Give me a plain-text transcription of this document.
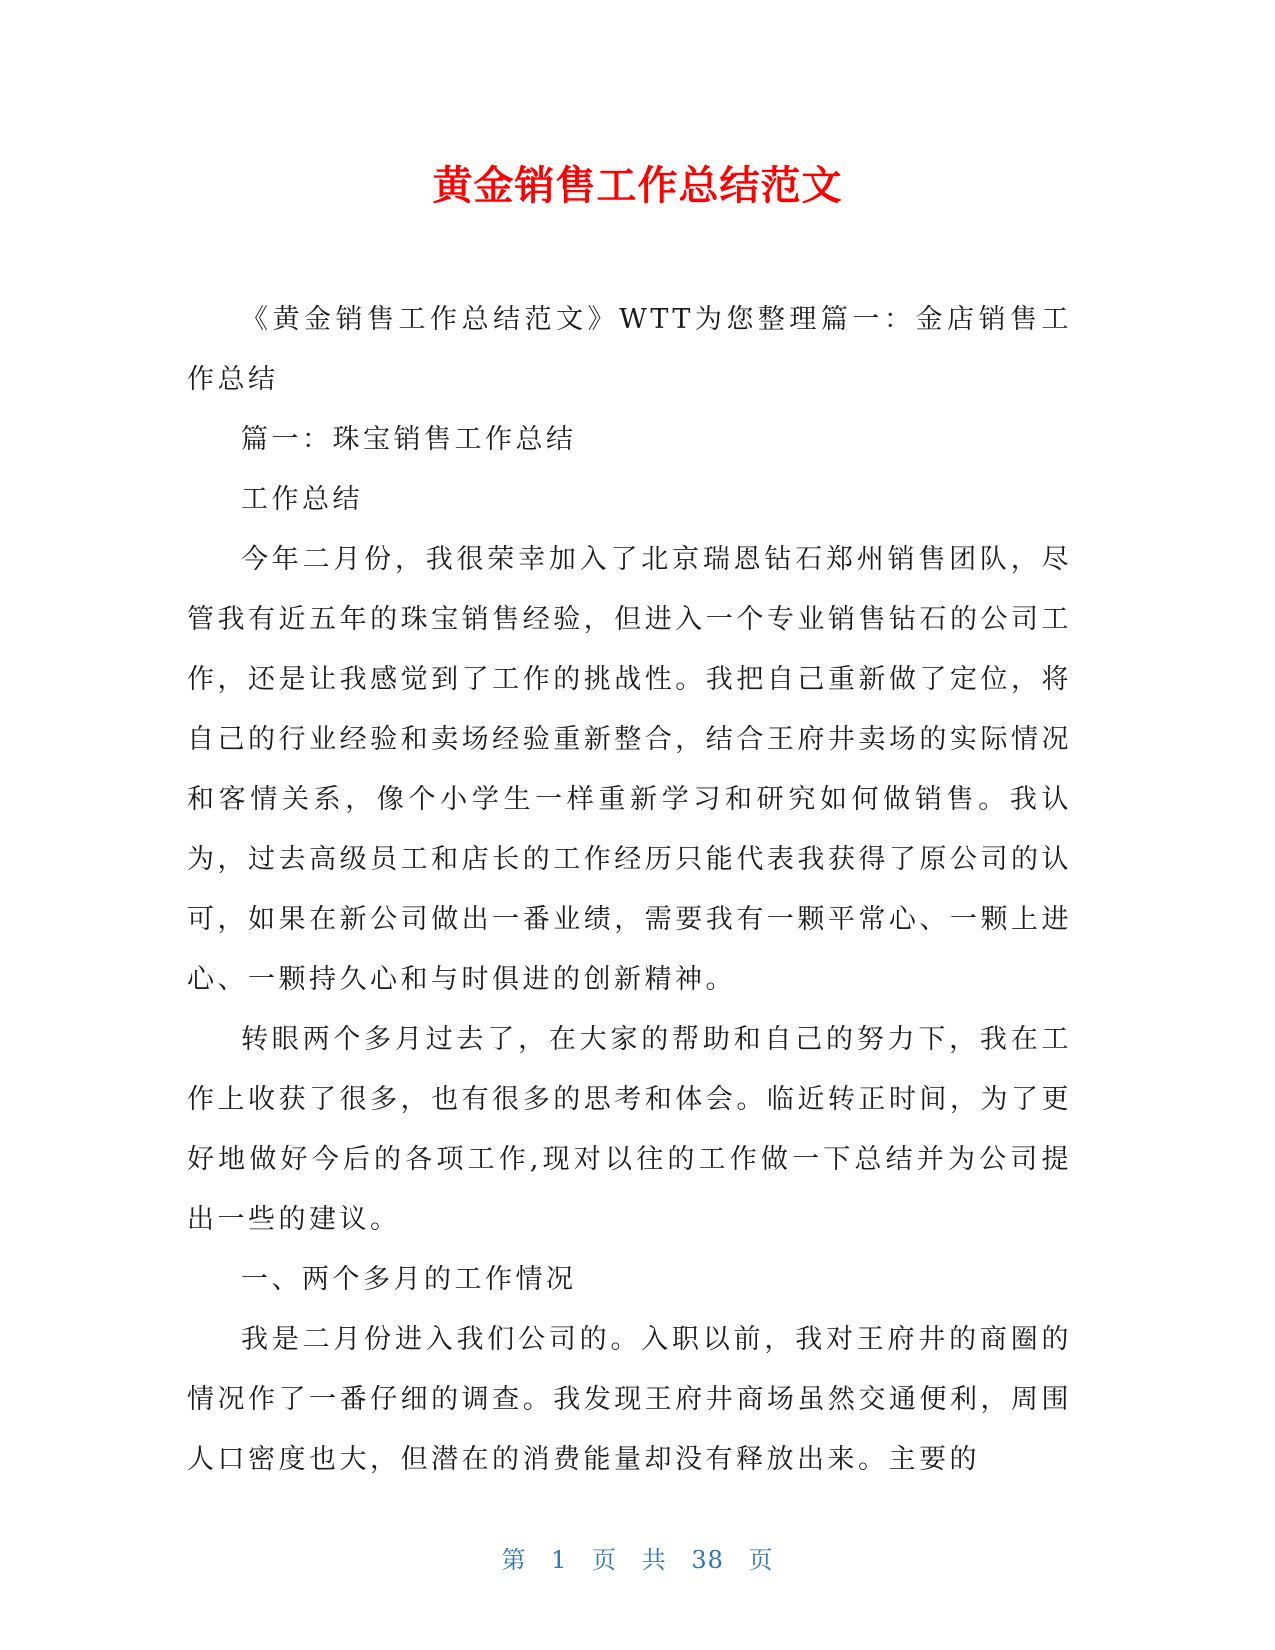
黄金销售工作总结范文

《黄金销售工作总结范文》WTT为您整理篇一：金店销售工作总结

篇一：珠宝销售工作总结

工作总结

今年二月份，我很荣幸加入了北京瑞恩钻石郑州销售团队，尽管我有近五年的珠宝销售经验，但进入一个专业销售钻石的公司工作，还是让我感觉到了工作的挑战性。我把自己重新做了定位，将自己的行业经验和卖场经验重新整合，结合王府井卖场的实际情况和客情关系，像个小学生一样重新学习和研究如何做销售。我认为，过去高级员工和店长的工作经历只能代表我获得了原公司的认可，如果在新公司做出一番业绩，需要我有一颗平常心、一颗上进心、一颗持久心和与时俱进的创新精神。

转眼两个多月过去了，在大家的帮助和自己的努力下，我在工作上收获了很多，也有很多的思考和体会。临近转正时间，为了更好地做好今后的各项工作,现对以往的工作做一下总结并为公司提出一些的建议。

一、两个多月的工作情况

我是二月份进入我们公司的。入职以前，我对王府井的商圈的情况作了一番仔细的调查。我发现王府井商场虽然交通便利，周围人口密度也大，但潜在的消费能量却没有释放出来。主要的

第 1 页 共 38 页
